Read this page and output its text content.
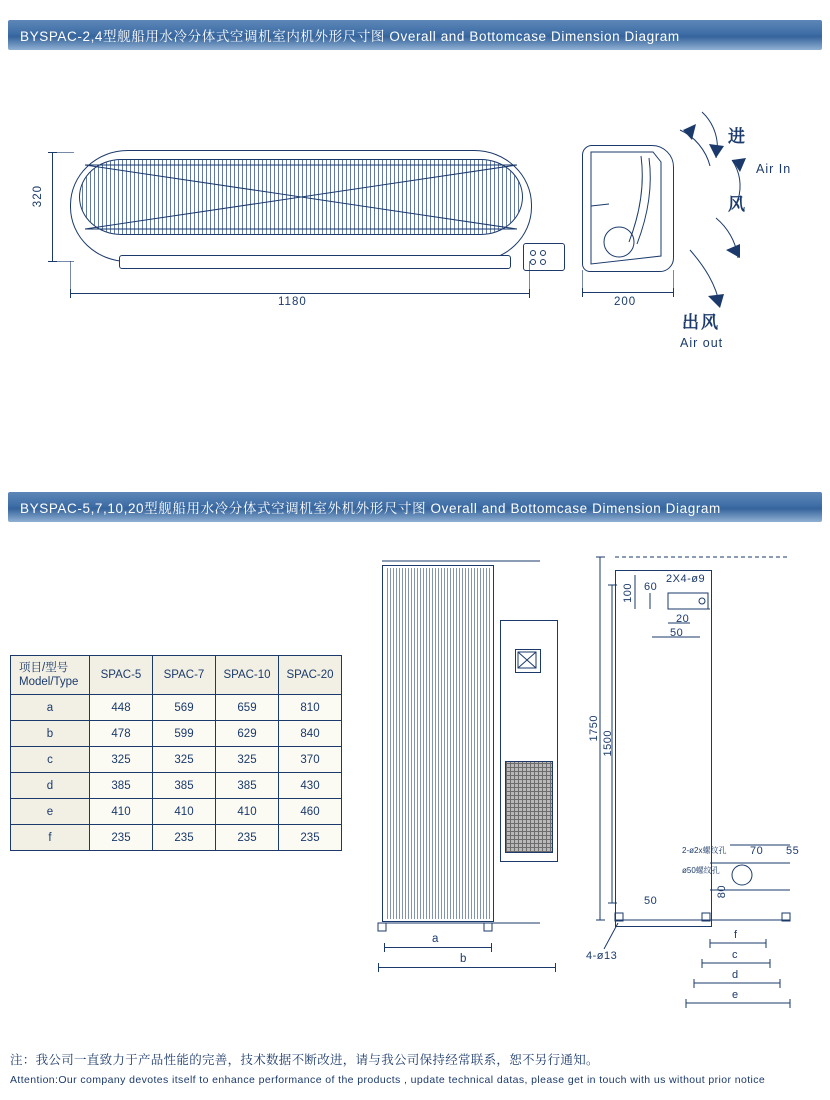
BYSPAC-2,4型舰船用水冷分体式空调机室内机外形尺寸图 Overall and Bottomcase Dimension Diagram
320
1180
进
Air In
风
出风
Air out
200
BYSPAC-5,7,10,20型舰船用水冷分体式空调机室外机外形尺寸图 Overall and Bottomcase Dimension Diagram
项目/型号
Model/Type	SPAC-5	SPAC-7	SPAC-10	SPAC-20
a	448	569	659	810
b	478	599	629	840
c	325	325	325	370
d	385	385	385	430
e	410	410	410	460
f	235	235	235	235
a
b
2X4-ø9
100 60
20
50
1750
1500
2-ø2x螺纹孔
ø50螺纹孔
70 55
80
50
4-ø13
f
c
d
e
注：我公司一直致力于产品性能的完善，技术数据不断改进，请与我公司保持经常联系，恕不另行通知。
Attention:Our company devotes itself to enhance performance of the products , update technical datas, please get in touch with us without prior notice
